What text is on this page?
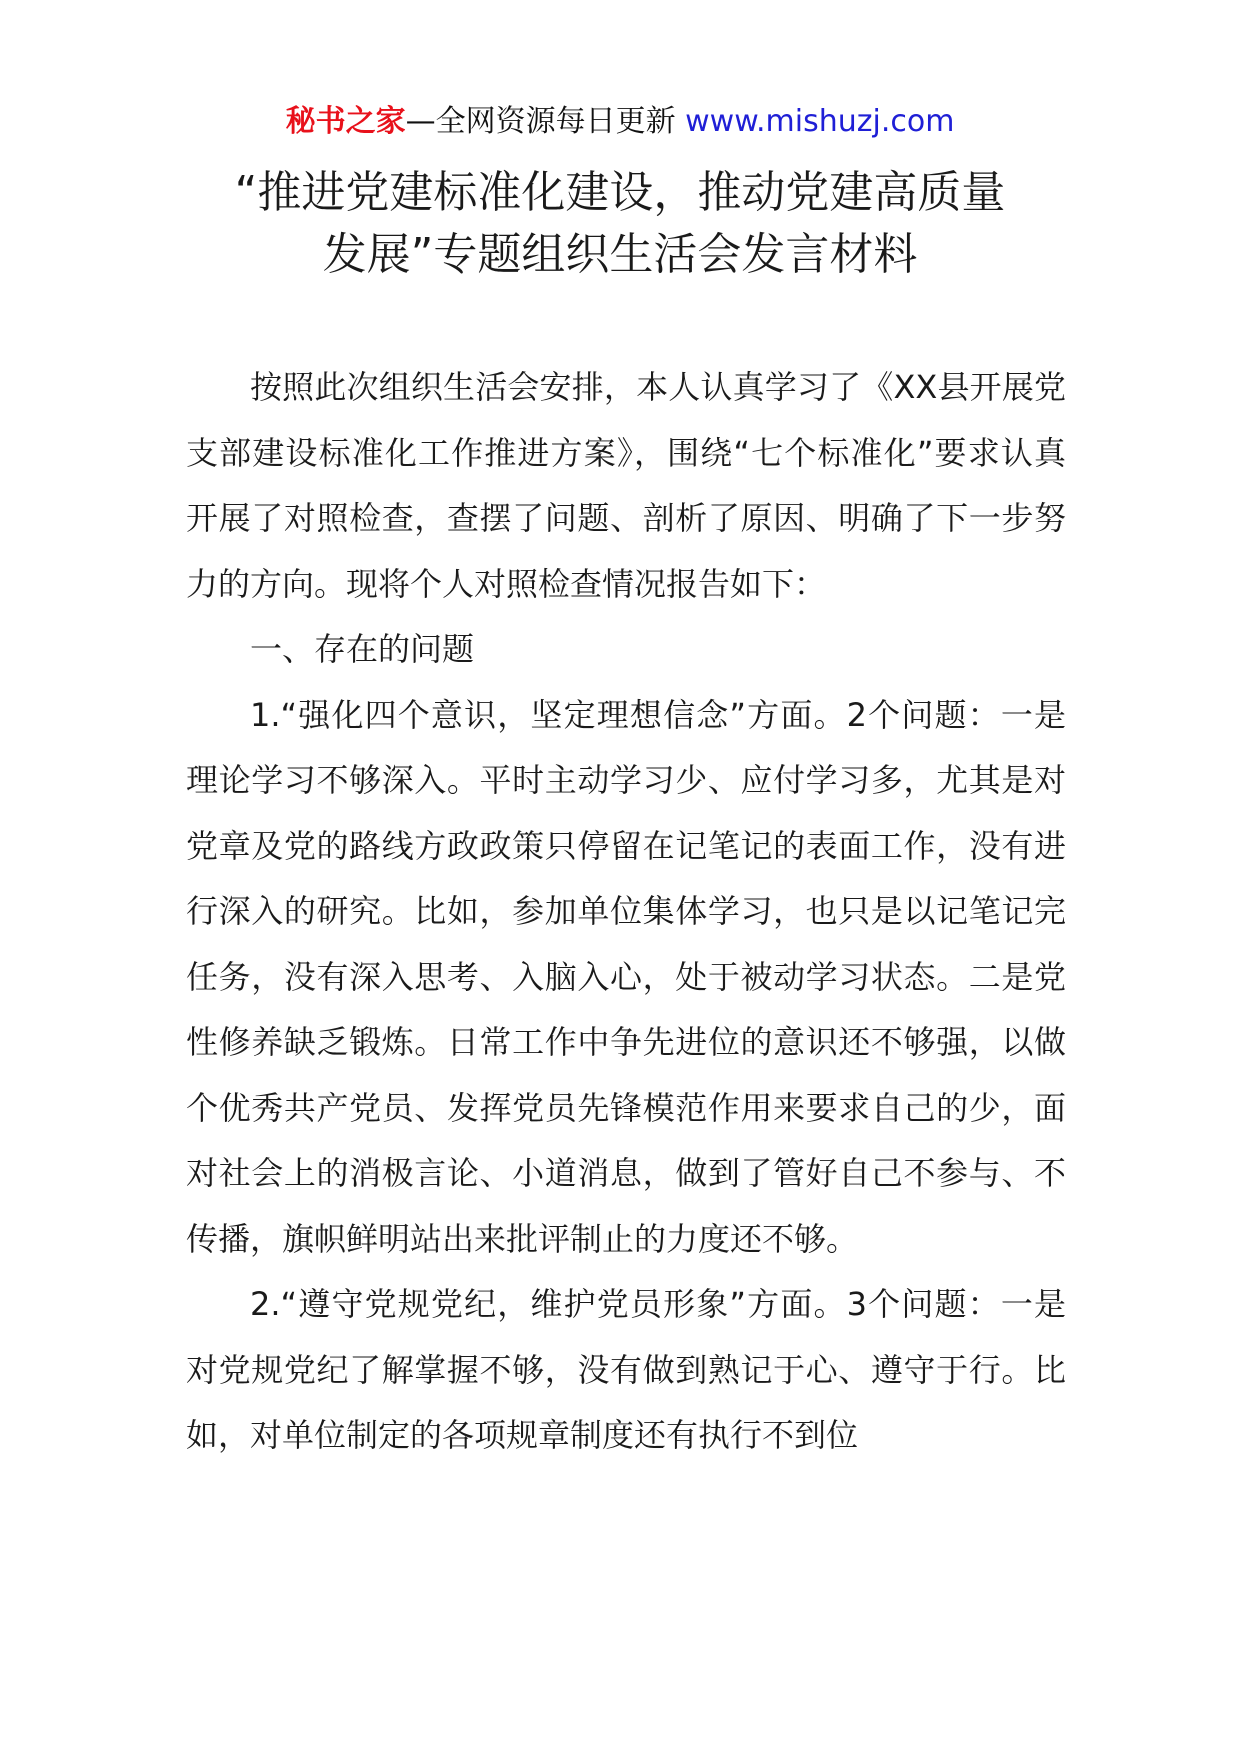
秘书之家—全网资源每日更新 www.mishuzj.com
“推进党建标准化建设，推动党建高质量
发展”专题组织生活会发言材料

按照此次组织生活会安排，本人认真学习了《XX县开展党支部建设标准化工作推进方案》，围绕“七个标准化”要求认真开展了对照检查，查摆了问题、剖析了原因、明确了下一步努力的方向。现将个人对照检查情况报告如下：

一、存在的问题

1.“强化四个意识，坚定理想信念”方面。2个问题：一是理论学习不够深入。平时主动学习少、应付学习多，尤其是对党章及党的路线方政政策只停留在记笔记的表面工作，没有进行深入的研究。比如，参加单位集体学习，也只是以记笔记完任务，没有深入思考、入脑入心，处于被动学习状态。二是党性修养缺乏锻炼。日常工作中争先进位的意识还不够强，以做个优秀共产党员、发挥党员先锋模范作用来要求自己的少，面对社会上的消极言论、小道消息，做到了管好自己不参与、不传播，旗帜鲜明站出来批评制止的力度还不够。

2.“遵守党规党纪，维护党员形象”方面。3个问题：一是对党规党纪了解掌握不够，没有做到熟记于心、遵守于行。比如，对单位制定的各项规章制度还有执行不到位
